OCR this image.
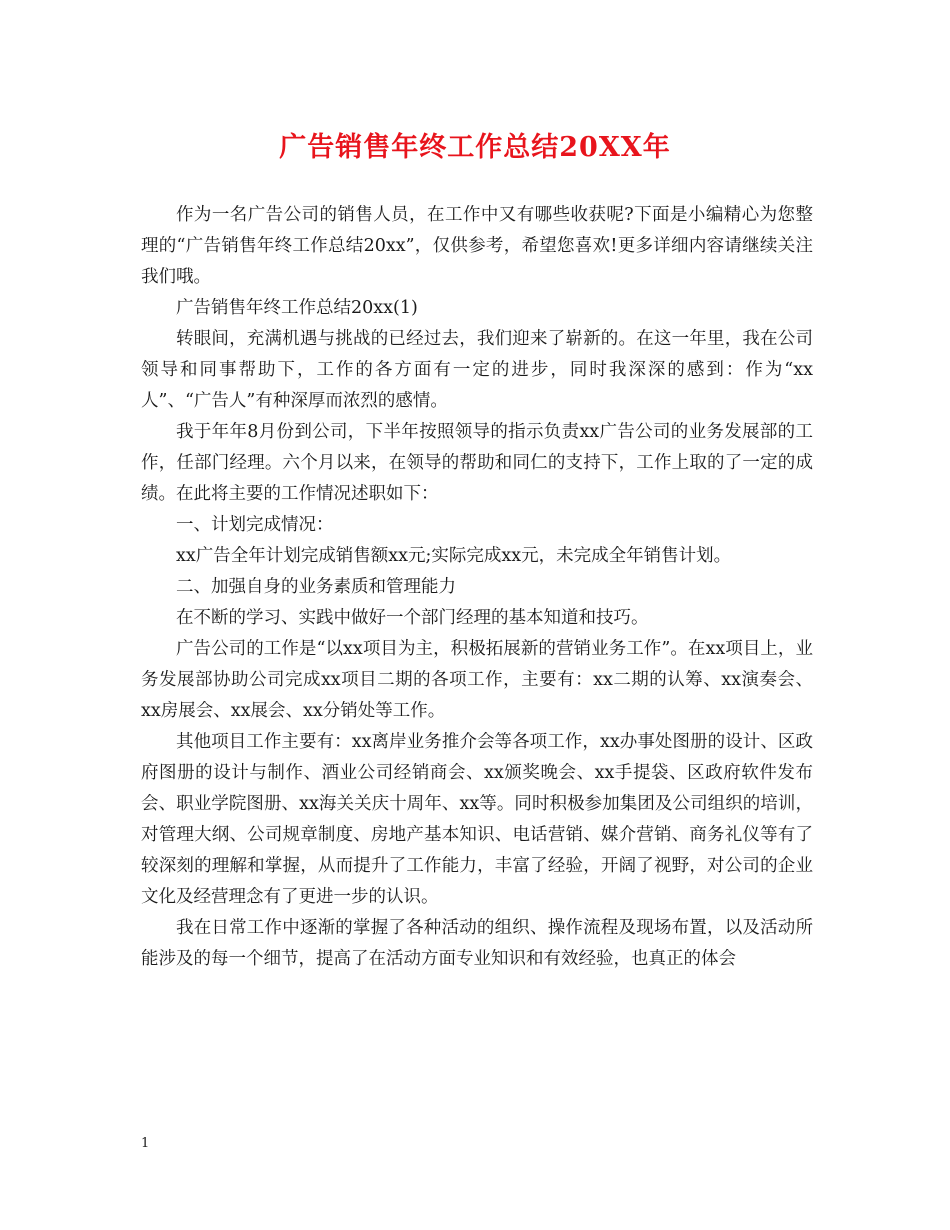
广告销售年终工作总结20XX年

作为一名广告公司的销售人员，在工作中又有哪些收获呢?下面是小编精心为您整理的“广告销售年终工作总结20xx”，仅供参考，希望您喜欢!更多详细内容请继续关注我们哦。

广告销售年终工作总结20xx(1)

转眼间，充满机遇与挑战的已经过去，我们迎来了崭新的。在这一年里，我在公司领导和同事帮助下，工作的各方面有一定的进步，同时我深深的感到：作为“xx人”、“广告人”有种深厚而浓烈的感情。

我于年年8月份到公司，下半年按照领导的指示负责xx广告公司的业务发展部的工作，任部门经理。六个月以来，在领导的帮助和同仁的支持下，工作上取的了一定的成绩。在此将主要的工作情况述职如下：

一、计划完成情况：

xx广告全年计划完成销售额xx元;实际完成xx元，未完成全年销售计划。

二、加强自身的业务素质和管理能力

在不断的学习、实践中做好一个部门经理的基本知道和技巧。

广告公司的工作是“以xx项目为主，积极拓展新的营销业务工作”。在xx项目上，业务发展部协助公司完成xx项目二期的各项工作，主要有：xx二期的认筹、xx演奏会、xx房展会、xx展会、xx分销处等工作。

其他项目工作主要有：xx离岸业务推介会等各项工作，xx办事处图册的设计、区政府图册的设计与制作、酒业公司经销商会、xx颁奖晚会、xx手提袋、区政府软件发布会、职业学院图册、xx海关关庆十周年、xx等。同时积极参加集团及公司组织的培训，对管理大纲、公司规章制度、房地产基本知识、电话营销、媒介营销、商务礼仪等有了较深刻的理解和掌握，从而提升了工作能力，丰富了经验，开阔了视野，对公司的企业文化及经营理念有了更进一步的认识。

我在日常工作中逐渐的掌握了各种活动的组织、操作流程及现场布置，以及活动所能涉及的每一个细节，提高了在活动方面专业知识和有效经验，也真正的体会

1
